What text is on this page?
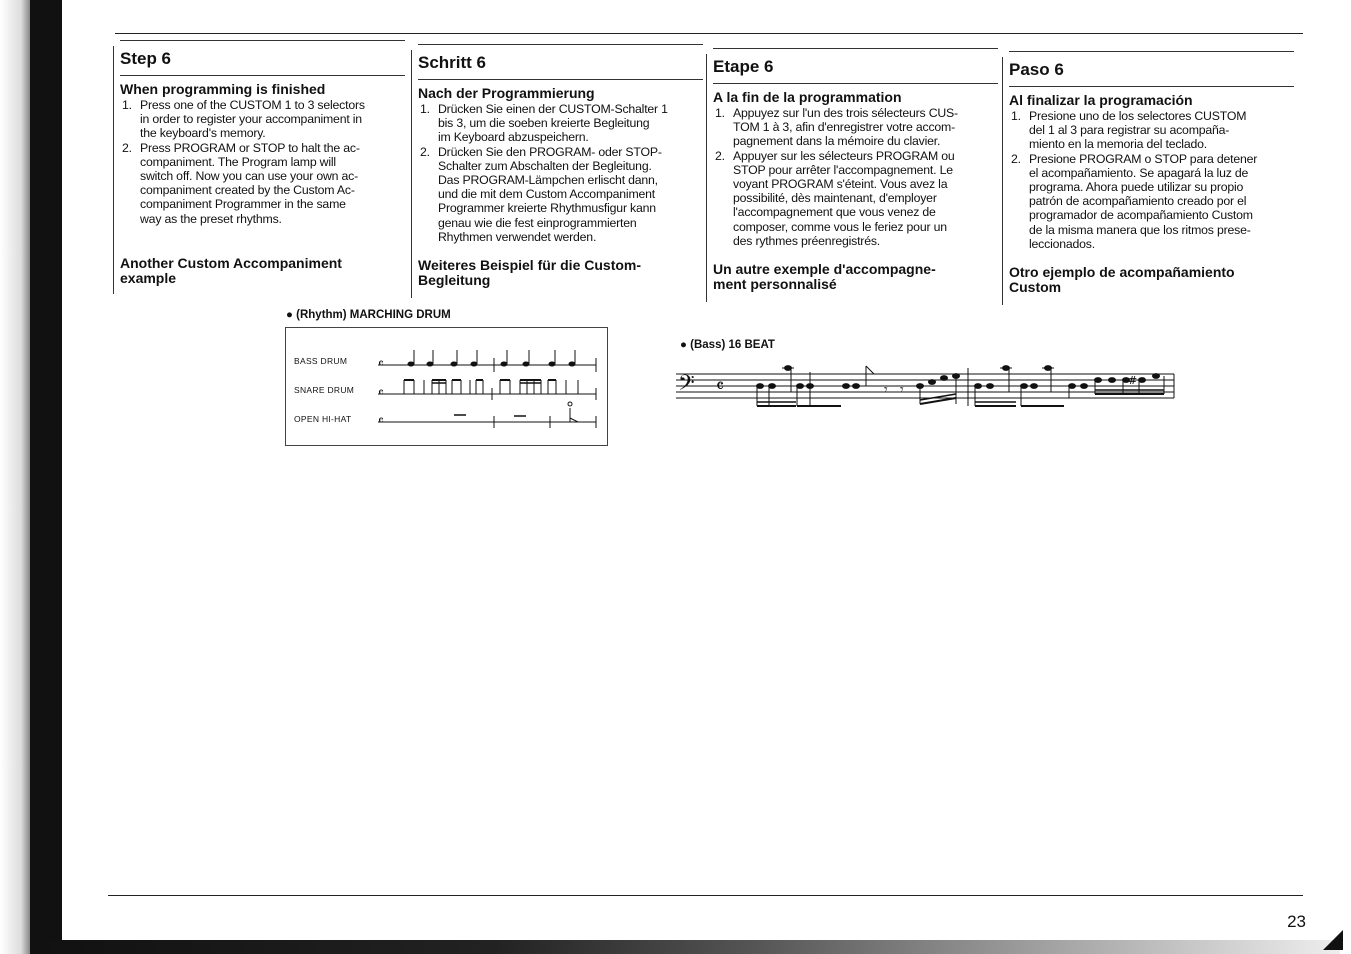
Step 6
When programming is finished
1. Press one of the CUSTOM 1 to 3 selectors
in order to register your accompaniment in
the keyboard's memory.
2. Press PROGRAM or STOP to halt the ac-
companiment. The Program lamp will
switch off. Now you can use your own ac-
companiment created by the Custom Ac-
companiment Programmer in the same
way as the preset rhythms.
Another Custom Accompaniment
example
Schritt 6
Nach der Programmierung
1. Drücken Sie einen der CUSTOM-Schalter 1
bis 3, um die soeben kreierte Begleitung
im Keyboard abzuspeichern.
2. Drücken Sie den PROGRAM- oder STOP-
Schalter zum Abschalten der Begleitung.
Das PROGRAM-Lämpchen erlischt dann,
und die mit dem Custom Accompaniment
Programmer kreierte Rhythmusfigur kann
genau wie die fest einprogrammierten
Rhythmen verwendet werden.
Weiteres Beispiel für die Custom-
Begleitung
Etape 6
A la fin de la programmation
1. Appuyez sur l'un des trois sélecteurs CUS-
TOM 1 à 3, afin d'enregistrer votre accom-
pagnement dans la mémoire du clavier.
2. Appuyer sur les sélecteurs PROGRAM ou
STOP pour arrêter l'accompagnement. Le
voyant PROGRAM s'éteint. Vous avez la
possibilité, dès maintenant, d'employer
l'accompagnement que vous venez de
composer, comme vous le feriez pour un
des rythmes préenregistrés.
Un autre exemple d'accompagne-
ment personnalisé
Paso 6
Al finalizar la programación
1. Presione uno de los selectores CUSTOM
del 1 al 3 para registrar su acompaña-
miento en la memoria del teclado.
2. Presione PROGRAM o STOP para detener
el acompañamiento. Se apagará la luz de
programa. Ahora puede utilizar su propio
patrón de acompañamiento creado por el
programador de acompañamiento Custom
de la misma manera que los ritmos prese-
leccionados.
Otro ejemplo de acompañamiento
Custom
● (Rhythm) MARCHING DRUM
BASS DRUM
SNARE DRUM
OPEN HI-HAT
𝄴
𝄴
𝄴
● (Bass) 16 BEAT
𝄢 𝄴	𝄾 𝄾
#
23
